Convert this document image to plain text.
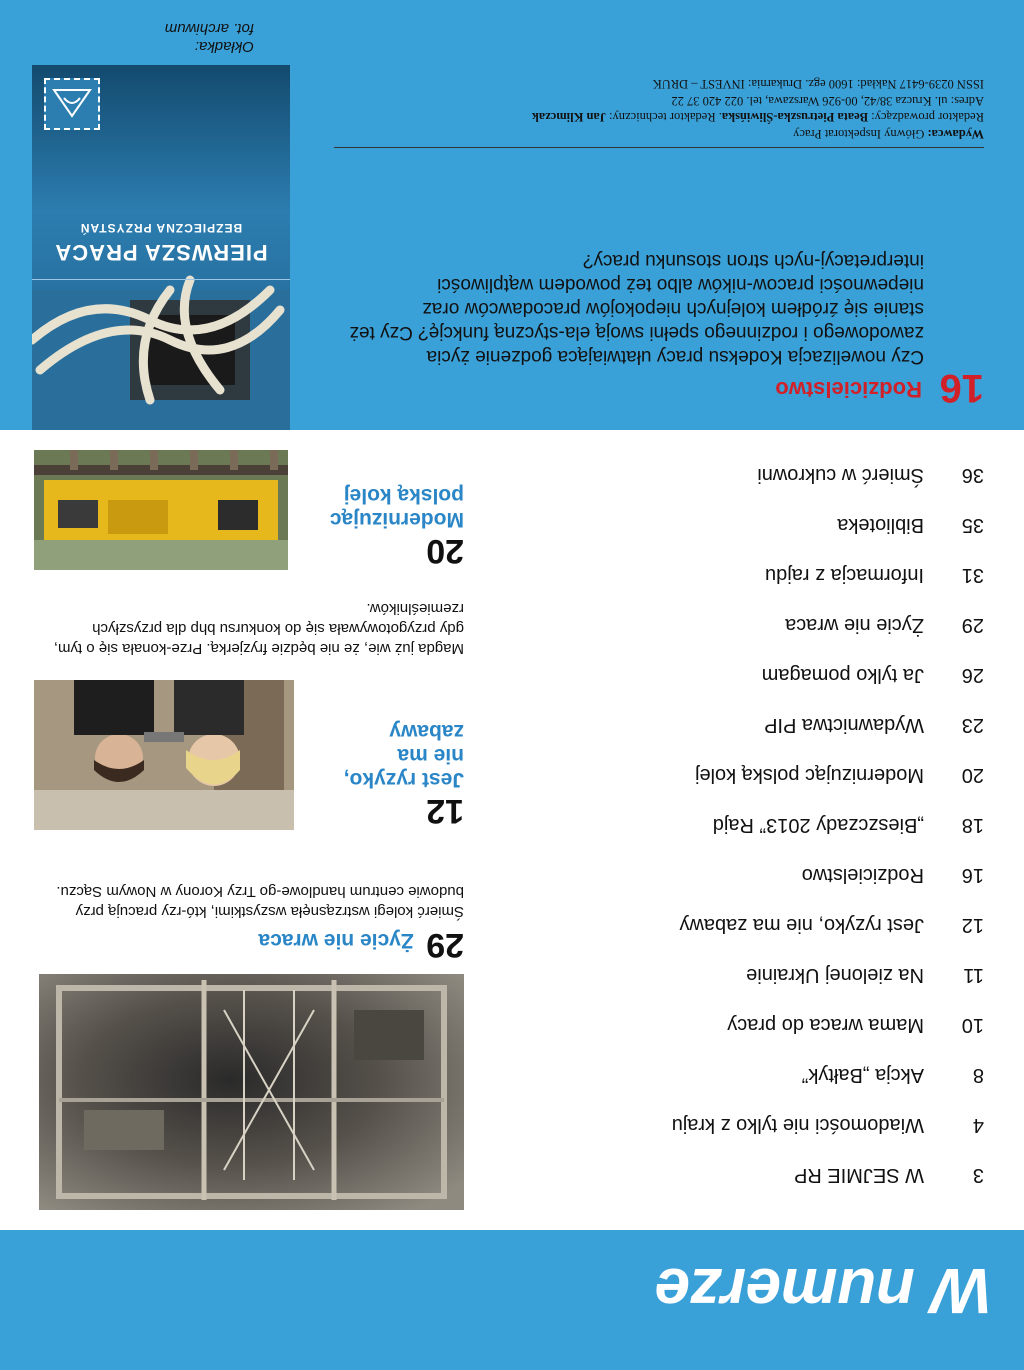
W numerze
3
W SEJMIE RP
4
Wiadomości nie tylko z kraju
8
Akcja „Bałtyk”
10
Mama wraca do pracy
11
Na zielonej Ukrainie
12
Jest ryzyko, nie ma zabawy
16
Rodzicielstwo
18
„Bieszczady 2013” Rajd
20
Modernizując polską kolej
23
Wydawnictwa PIP
26
Ja tylko pomagam
29
Życie nie wraca
31
Informacja z rajdu
35
Biblioteka
36
Śmierć w cukrowni
29 Życie nie wraca
Śmierć kolegi wstrząsnęła wszystkimi, któ-rzy pracują przy budowie centrum handlowe-go Trzy Korony w Nowym Sączu.
12
Jest ryzyko,
nie ma
zabawy
Magda już wie, że nie będzie fryzjerką. Prze-konała się o tym, gdy przygotowywała się do konkursu bhp dla przyszłych rzemieślników.
20
Modernizując
polską kolej
16
Rodzicielstwo
Czy nowelizacja Kodeksu pracy ułatwiająca godzenie życia zawodowego i rodzinnego spełni swoją ela-styczną funkcję? Czy też stanie się źródłem kolejnych niepokojów pracodawców oraz niepewności pracow-ników albo też powodem wątpliwości interpretacyj-nych stron stosunku pracy?
Wydawca: Główny Inspektorat Pracy
Redaktor prowadzący: Beata Pietruszka-Śliwińska. Redaktor techniczny: Jan Klimczak
Adres: ul. Krucza 38/42, 00-926 Warszawa, tel. 022 420 37 22
ISSN 0239-6417 Nakład: 1600 egz. Drukarnia: INVEST – DRUK
PIERWSZA PRACA
BEZPIECZNA PRZYSTAŃ
Okładka:
fot. archiwum
